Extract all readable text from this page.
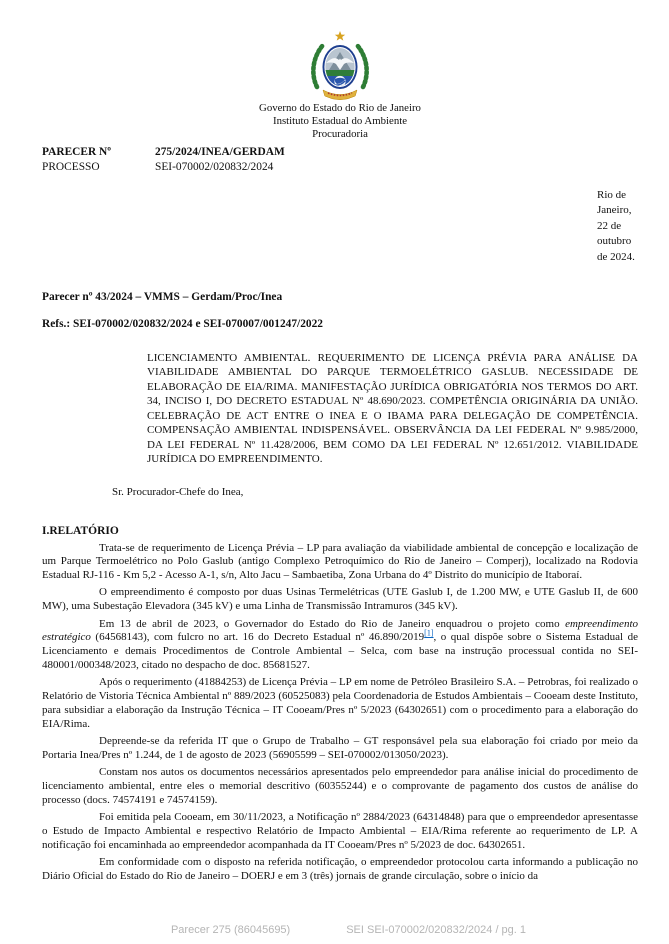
Governo do Estado do Rio de Janeiro
Instituto Estadual do Ambiente
Procuradoria
PARECER Nº	275/2024/INEA/GERDAM
PROCESSO	SEI-070002/020832/2024
Rio de Janeiro, 22 de outubro de 2024.
Parecer nº 43/2024 – VMMS – Gerdam/Proc/Inea
Refs.: SEI-070002/020832/2024 e SEI-070007/001247/2022
LICENCIAMENTO AMBIENTAL. REQUERIMENTO DE LICENÇA PRÉVIA PARA ANÁLISE DA VIABILIDADE AMBIENTAL DO PARQUE TERMOELÉTRICO GASLUB. NECESSIDADE DE ELABORAÇÃO DE EIA/RIMA. MANIFESTAÇÃO JURÍDICA OBRIGATÓRIA NOS TERMOS DO ART. 34, INCISO I, DO DECRETO ESTADUAL Nº 48.690/2023. COMPETÊNCIA ORIGINÁRIA DA UNIÃO. CELEBRAÇÃO DE ACT ENTRE O INEA E O IBAMA PARA DELEGAÇÃO DE COMPETÊNCIA. COMPENSAÇÃO AMBIENTAL INDISPENSÁVEL. OBSERVÂNCIA DA LEI FEDERAL Nº 9.985/2000, DA LEI FEDERAL Nº 11.428/2006, BEM COMO DA LEI FEDERAL Nº 12.651/2012. VIABILIDADE JURÍDICA DO EMPREENDIMENTO.
Sr. Procurador-Chefe do Inea,
I.RELATÓRIO

Trata-se de requerimento de Licença Prévia – LP para avaliação da viabilidade ambiental de concepção e localização de um Parque Termoelétrico no Polo Gaslub (antigo Complexo Petroquímico do Rio de Janeiro – Comperj), localizado na Rodovia Estadual RJ-116 - Km 5,2 - Acesso A-1, s/n, Alto Jacu – Sambaetiba, Zona Urbana do 4º Distrito do município de Itaboraí.

O empreendimento é composto por duas Usinas Termelétricas (UTE Gaslub I, de 1.200 MW, e UTE Gaslub II, de 600 MW), uma Subestação Elevadora (345 kV) e uma Linha de Transmissão Intramuros (345 kV).

Em 13 de abril de 2023, o Governador do Estado do Rio de Janeiro enquadrou o projeto como empreendimento estratégico (64568143), com fulcro no art. 16 do Decreto Estadual nº 46.890/2019[1], o qual dispõe sobre o Sistema Estadual de Licenciamento e demais Procedimentos de Controle Ambiental – Selca, com base na instrução processual contida no SEI-480001/000348/2023, citado no despacho de doc. 85681527.

Após o requerimento (41884253) de Licença Prévia – LP em nome de Petróleo Brasileiro S.A. – Petrobras, foi realizado o Relatório de Vistoria Técnica Ambiental nº 889/2023 (60525083) pela Coordenadoria de Estudos Ambientais – Cooeam deste Instituto, para subsidiar a elaboração da Instrução Técnica – IT Cooeam/Pres nº 5/2023 (64302651) com o procedimento para a elaboração do EIA/Rima.

Depreende-se da referida IT que o Grupo de Trabalho – GT responsável pela sua elaboração foi criado por meio da Portaria Inea/Pres nº 1.244, de 1 de agosto de 2023 (56905599 – SEI-070002/013050/2023).

Constam nos autos os documentos necessários apresentados pelo empreendedor para análise inicial do procedimento de licenciamento ambiental, entre eles o memorial descritivo (60355244) e o comprovante de pagamento dos custos de análise do processo (docs. 74574191 e 74574159).

Foi emitida pela Cooeam, em 30/11/2023, a Notificação nº 2884/2023 (64314848) para que o empreendedor apresentasse o Estudo de Impacto Ambiental e respectivo Relatório de Impacto Ambiental – EIA/Rima referente ao requerimento de LP. A notificação foi encaminhada ao empreendedor acompanhada da IT Cooeam/Pres nº 5/2023 de doc. 64302651.

Em conformidade com o disposto na referida notificação, o empreendedor protocolou carta informando a publicação no Diário Oficial do Estado do Rio de Janeiro – DOERJ e em 3 (três) jornais de grande circulação, sobre o início da

Parecer 275 (86045695)	SEI SEI-070002/020832/2024 / pg. 1
